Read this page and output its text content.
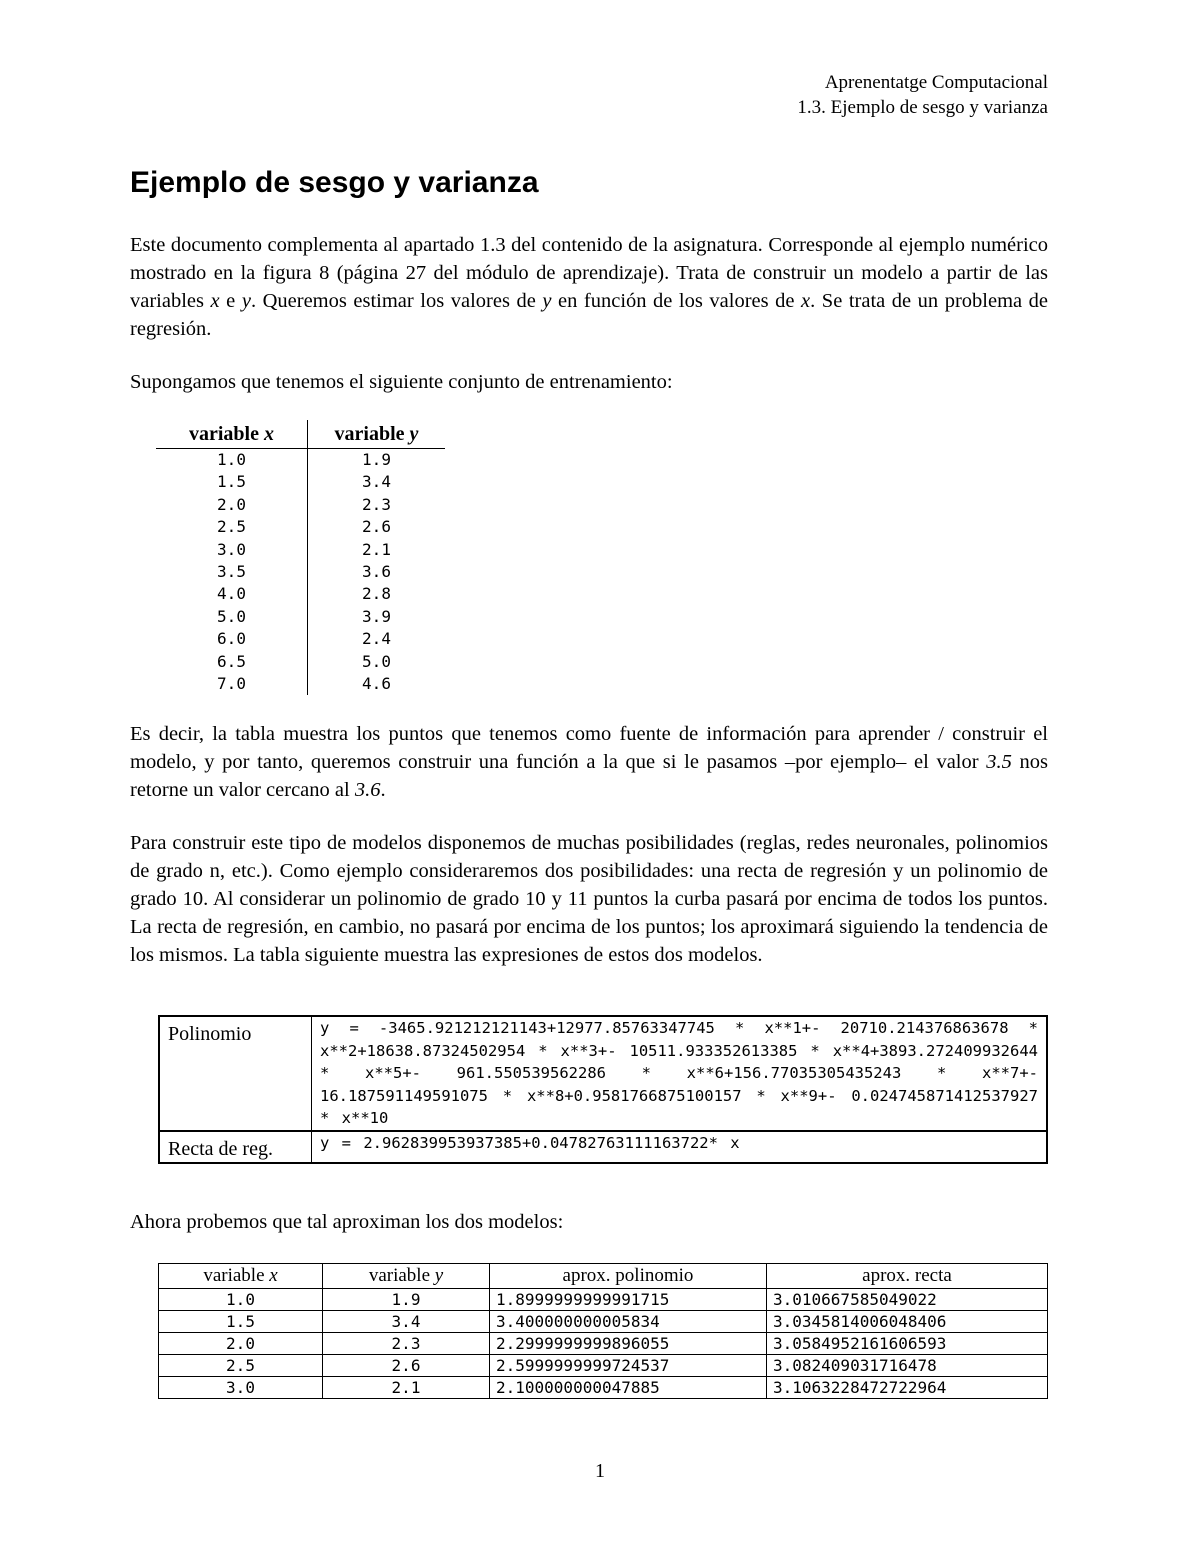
Aprenentatge Computacional
1.3. Ejemplo de sesgo y varianza
Ejemplo de sesgo y varianza

Este documento complementa al apartado 1.3 del contenido de la asignatura. Corresponde al ejemplo numérico mostrado en la figura 8 (página 27 del módulo de aprendizaje). Trata de construir un modelo a partir de las variables x e y. Queremos estimar los valores de y en función de los valores de x. Se trata de un problema de regresión.

Supongamos que tenemos el siguiente conjunto de entrenamiento:

variable x	variable y
1.0	1.9
1.5	3.4
2.0	2.3
2.5	2.6
3.0	2.1
3.5	3.6
4.0	2.8
5.0	3.9
6.0	2.4
6.5	5.0
7.0	4.6

Es decir, la tabla muestra los puntos que tenemos como fuente de información para aprender / construir el modelo, y por tanto, queremos construir una función a la que si le pasamos –por ejemplo– el valor 3.5 nos retorne un valor cercano al 3.6.

Para construir este tipo de modelos disponemos de muchas posibilidades (reglas, redes neuronales, polinomios de grado n, etc.). Como ejemplo consideraremos dos posibilidades: una recta de regresión y un polinomio de grado 10. Al considerar un polinomio de grado 10 y 11 puntos la curba pasará por encima de todos los puntos. La recta de regresión, en cambio, no pasará por encima de los puntos; los aproximará siguiendo la tendencia de los mismos. La tabla siguiente muestra las expresiones de estos dos modelos.

Polinomio	y = -3465.921212121143+12977.85763347745 * x**1+- 20710.214376863678 * x**2+18638.87324502954 * x**3+- 10511.933352613385 * x**4+3893.272409932644 * x**5+- 961.550539562286 * x**6+156.77035305435243 * x**7+- 16.187591149591075 * x**8+0.9581766875100157 * x**9+- 0.024745871412537927 * x**10
Recta de reg.	y = 2.962839953937385+0.04782763111163722* x

Ahora probemos que tal aproximan los dos modelos:

variable x	variable y	aprox. polinomio	aprox. recta
1.0	1.9	1.8999999999991715	3.010667585049022
1.5	3.4	3.400000000005834	3.0345814006048406
2.0	2.3	2.2999999999896055	3.0584952161606593
2.5	2.6	2.5999999999724537	3.082409031716478
3.0	2.1	2.100000000047885	3.1063228472722964
1
